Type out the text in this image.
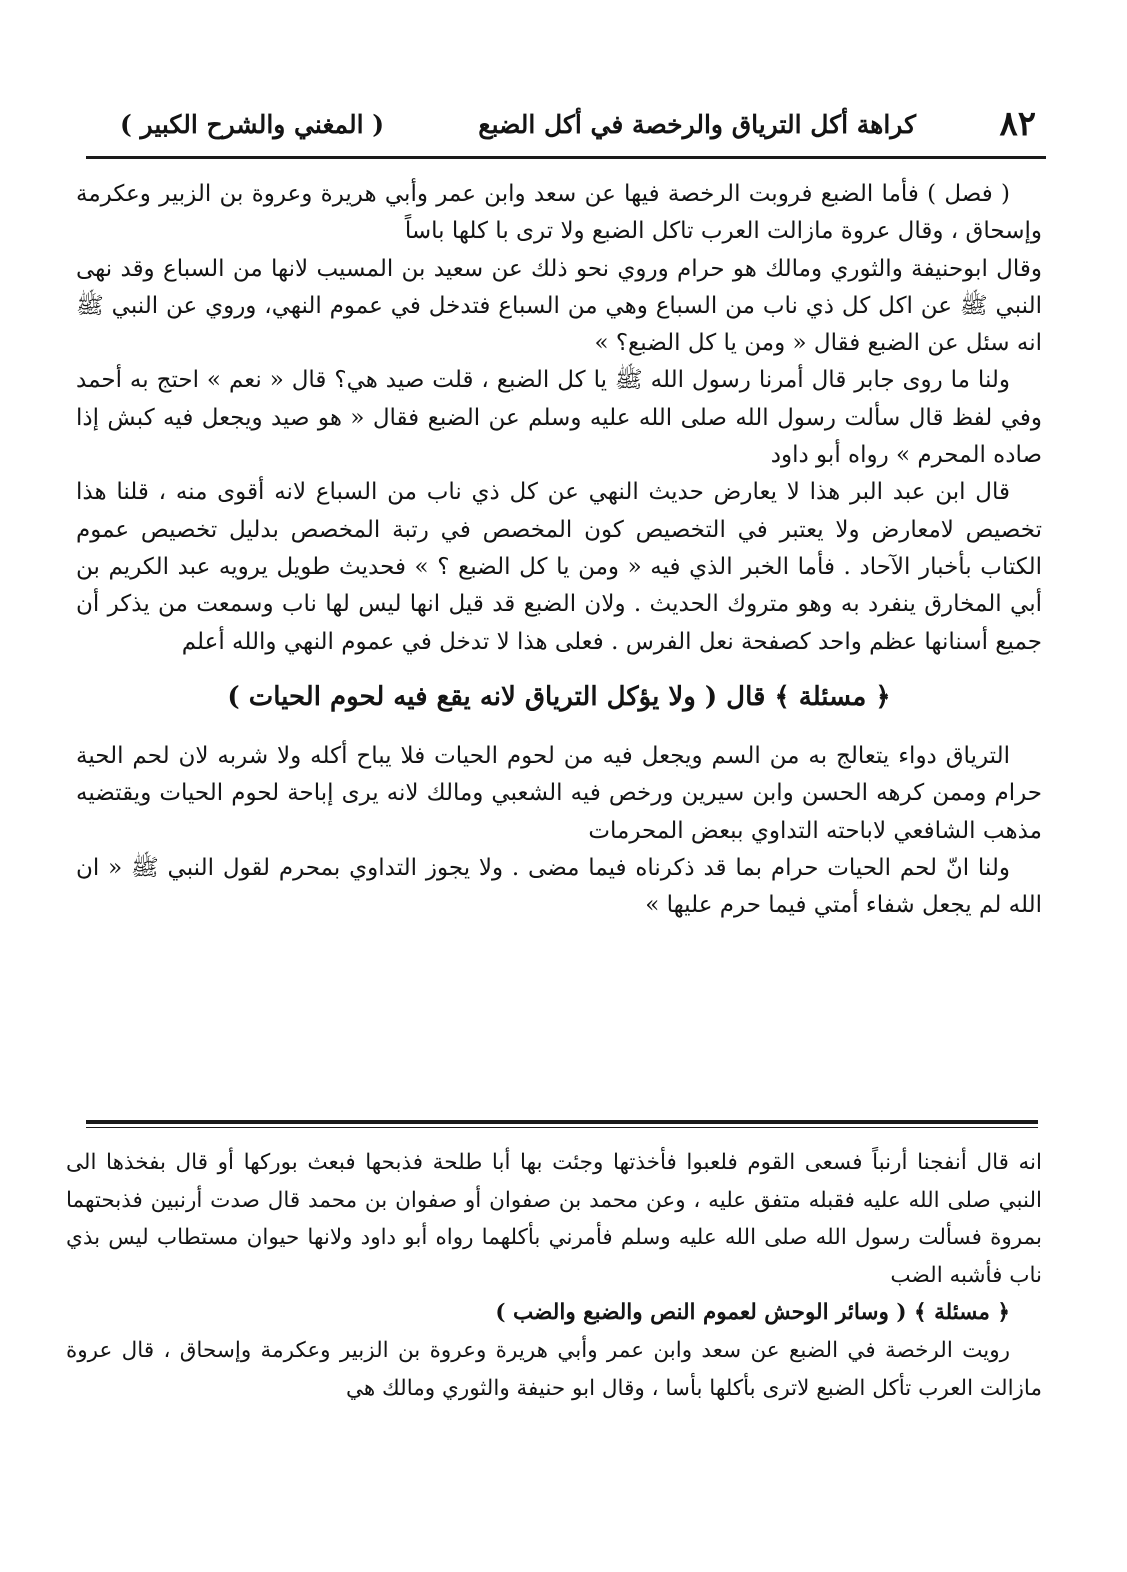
٨٢
كراهة أكل الترياق والرخصة في أكل الضبع
( المغني والشرح الكبير )

( فصل ) فأما الضبع فروبت الرخصة فيها عن سعد وابن عمر وأبي هريرة وعروة بن الزبير وعكرمة وإسحاق ، وقال عروة مازالت العرب تاكل الضبع ولا ترى با كلها باساً

وقال ابوحنيفة والثوري ومالك هو حرام وروي نحو ذلك عن سعيد بن المسيب لانها من السباع وقد نهى النبي ﷺ عن اكل كل ذي ناب من السباع وهي من السباع فتدخل في عموم النهي، وروي عن النبي ﷺ انه سئل عن الضبع فقال « ومن يا كل الضبع؟ »

ولنا ما روى جابر قال أمرنا رسول الله ﷺ يا كل الضبع ، قلت صيد هي؟ قال « نعم » احتج به أحمد وفي لفظ قال سألت رسول الله صلى الله عليه وسلم عن الضبع فقال « هو صيد ويجعل فيه كبش إذا صاده المحرم » رواه أبو داود

قال ابن عبد البر هذا لا يعارض حديث النهي عن كل ذي ناب من السباع لانه أقوى منه ، قلنا هذا تخصيص لامعارض ولا يعتبر في التخصيص كون المخصص في رتبة المخصص بدليل تخصيص عموم الكتاب بأخبار الآحاد . فأما الخبر الذي فيه « ومن يا كل الضبع ؟ » فحديث طويل يرويه عبد الكريم بن أبي المخارق ينفرد به وهو متروك الحديث . ولان الضبع قد قيل انها ليس لها ناب وسمعت من يذكر أن جميع أسنانها عظم واحد كصفحة نعل الفرس . فعلى هذا لا تدخل في عموم النهي والله أعلم

﴿ مسئلة ﴾ قال ( ولا يؤكل الترياق لانه يقع فيه لحوم الحيات )

الترياق دواء يتعالج به من السم ويجعل فيه من لحوم الحيات فلا يباح أكله ولا شربه لان لحم الحية حرام وممن كرهه الحسن وابن سيرين ورخص فيه الشعبي ومالك لانه يرى إباحة لحوم الحيات ويقتضيه مذهب الشافعي لاباحته التداوي ببعض المحرمات

ولنا انّ لحم الحيات حرام بما قد ذكرناه فيما مضى . ولا يجوز التداوي بمحرم لقول النبي ﷺ « ان الله لم يجعل شفاء أمتي فيما حرم عليها »

انه قال أنفجنا أرنباً فسعى القوم فلعبوا فأخذتها وجئت بها أبا طلحة فذبحها فبعث بوركها أو قال بفخذها الى النبي صلى الله عليه فقبله متفق عليه ، وعن محمد بن صفوان أو صفوان بن محمد قال صدت أرنبين فذبحتهما بمروة فسألت رسول الله صلى الله عليه وسلم فأمرني بأكلهما رواه أبو داود ولانها حيوان مستطاب ليس بذي ناب فأشبه الضب

﴿ مسئلة ﴾ ( وسائر الوحش لعموم النص والضبع والضب )

رويت الرخصة في الضبع عن سعد وابن عمر وأبي هريرة وعروة بن الزبير وعكرمة وإسحاق ، قال عروة مازالت العرب تأكل الضبع لاترى بأكلها بأسا ، وقال ابو حنيفة والثوري ومالك هي
